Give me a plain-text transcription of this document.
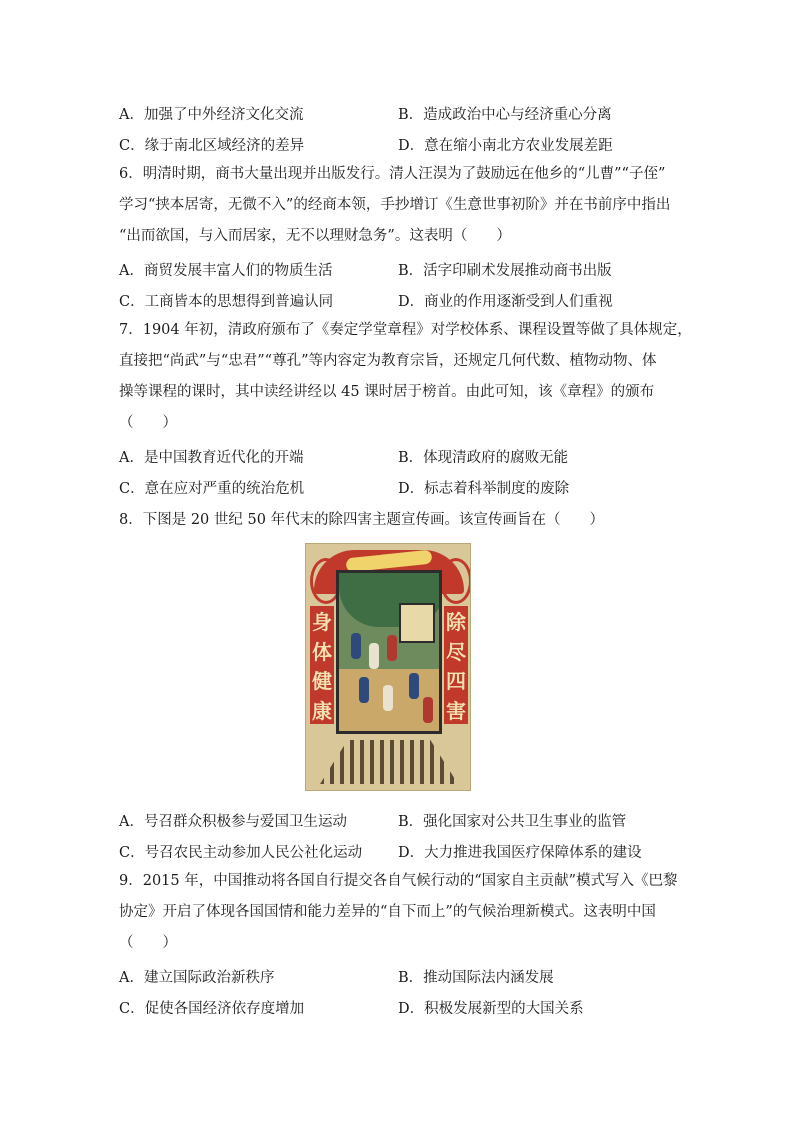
A．加强了中外经济文化交流	B．造成政治中心与经济重心分离
C．缘于南北区域经济的差异	D．意在缩小南北方农业发展差距
6．明清时期，商书大量出现并出版发行。清人汪淏为了鼓励远在他乡的“儿曹”“子侄”
学习“挟本居寄，无微不入”的经商本领，手抄增订《生意世事初阶》并在书前序中指出
“出而欲国，与入而居家，无不以理财急务”。这表明（　　）
A．商贸发展丰富人们的物质生活	B．活字印刷术发展推动商书出版
C．工商皆本的思想得到普遍认同	D．商业的作用逐渐受到人们重视
7．1904 年初，清政府颁布了《奏定学堂章程》对学校体系、课程设置等做了具体规定，
直接把“尚武”与“忠君”“尊孔”等内容定为教育宗旨，还规定几何代数、植物动物、体
操等课程的课时，其中读经讲经以 45 课时居于榜首。由此可知，该《章程》的颁布
（　　）
A．是中国教育近代化的开端	B．体现清政府的腐败无能
C．意在应对严重的统治危机	D．标志着科举制度的废除
8．下图是 20 世纪 50 年代末的除四害主题宣传画。该宣传画旨在（　　）
身
体
健
康
除
尽
四
害
A．号召群众积极参与爱国卫生运动	B．强化国家对公共卫生事业的监管
C．号召农民主动参加人民公社化运动 D．大力推进我国医疗保障体系的建设
9．2015 年，中国推动将各国自行提交各自气候行动的“国家自主贡献”模式写入《巴黎
协定》开启了体现各国国情和能力差异的“自下而上”的气候治理新模式。这表明中国
（　　）
A．建立国际政治新秩序	B．推动国际法内涵发展
C．促使各国经济依存度增加	D．积极发展新型的大国关系
